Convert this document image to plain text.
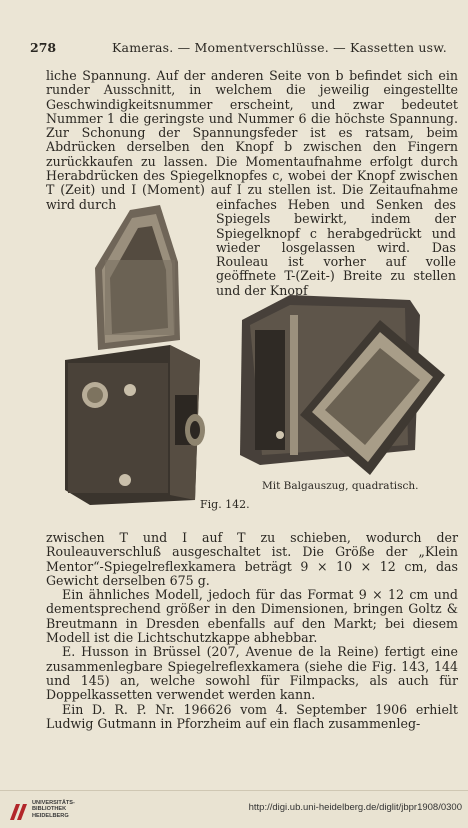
278	Kameras. — Momentverschlüsse. — Kassetten usw.

liche Spannung. Auf der anderen Seite von b befindet sich ein runder Ausschnitt, in welchem die jeweilig eingestellte Geschwindigkeitsnummer erscheint, und zwar bedeutet Nummer 1 die geringste und Nummer 6 die höchste Spannung. Zur Schonung der Spannungsfeder ist es ratsam, beim Abdrücken derselben den Knopf b zwischen den Fingern zurückkaufen zu lassen. Die Momentaufnahme erfolgt durch Herabdrücken des Spiegelknopfes c, wobei der Knopf zwischen T (Zeit) und I (Moment) auf I zu stellen ist. Die Zeitaufnahme wird durch	einfaches Heben und Senken des Spiegels bewirkt, indem der Spiegelknopf c herabgedrückt und wieder losgelassen wird. Das Rouleau ist vorher auf volle geöffnete T-(Zeit-) Breite zu stellen und der Knopf

Mit Balgauszug, quadratisch.
Fig. 142.

zwischen T und I auf T zu schieben, wodurch der Rouleauverschluß ausgeschaltet ist. Die Größe der „Klein Mentor“-Spiegelreflexkamera beträgt 9 × 10 × 12 cm, das Gewicht derselben 675 g.

Ein ähnliches Modell, jedoch für das Format 9 × 12 cm und dementsprechend größer in den Dimensionen, bringen Goltz & Breutmann in Dresden ebenfalls auf den Markt; bei diesem Modell ist die Lichtschutzkappe abhebbar.

E. Husson in Brüssel (207, Avenue de la Reine) fertigt eine zusammenlegbare Spiegelreflexkamera (siehe die Fig. 143, 144 und 145) an, welche sowohl für Filmpacks, als auch für Doppelkassetten verwendet werden kann.

Ein D. R. P. Nr. 196626 vom 4. September 1906 erhielt Ludwig Gutmann in Pforzheim auf ein flach zusammenleg-

UNIVERSITÄTS-
BIBLIOTHEK
HEIDELBERG
http://digi.ub.uni-heidelberg.de/diglit/jbpr1908/0300
